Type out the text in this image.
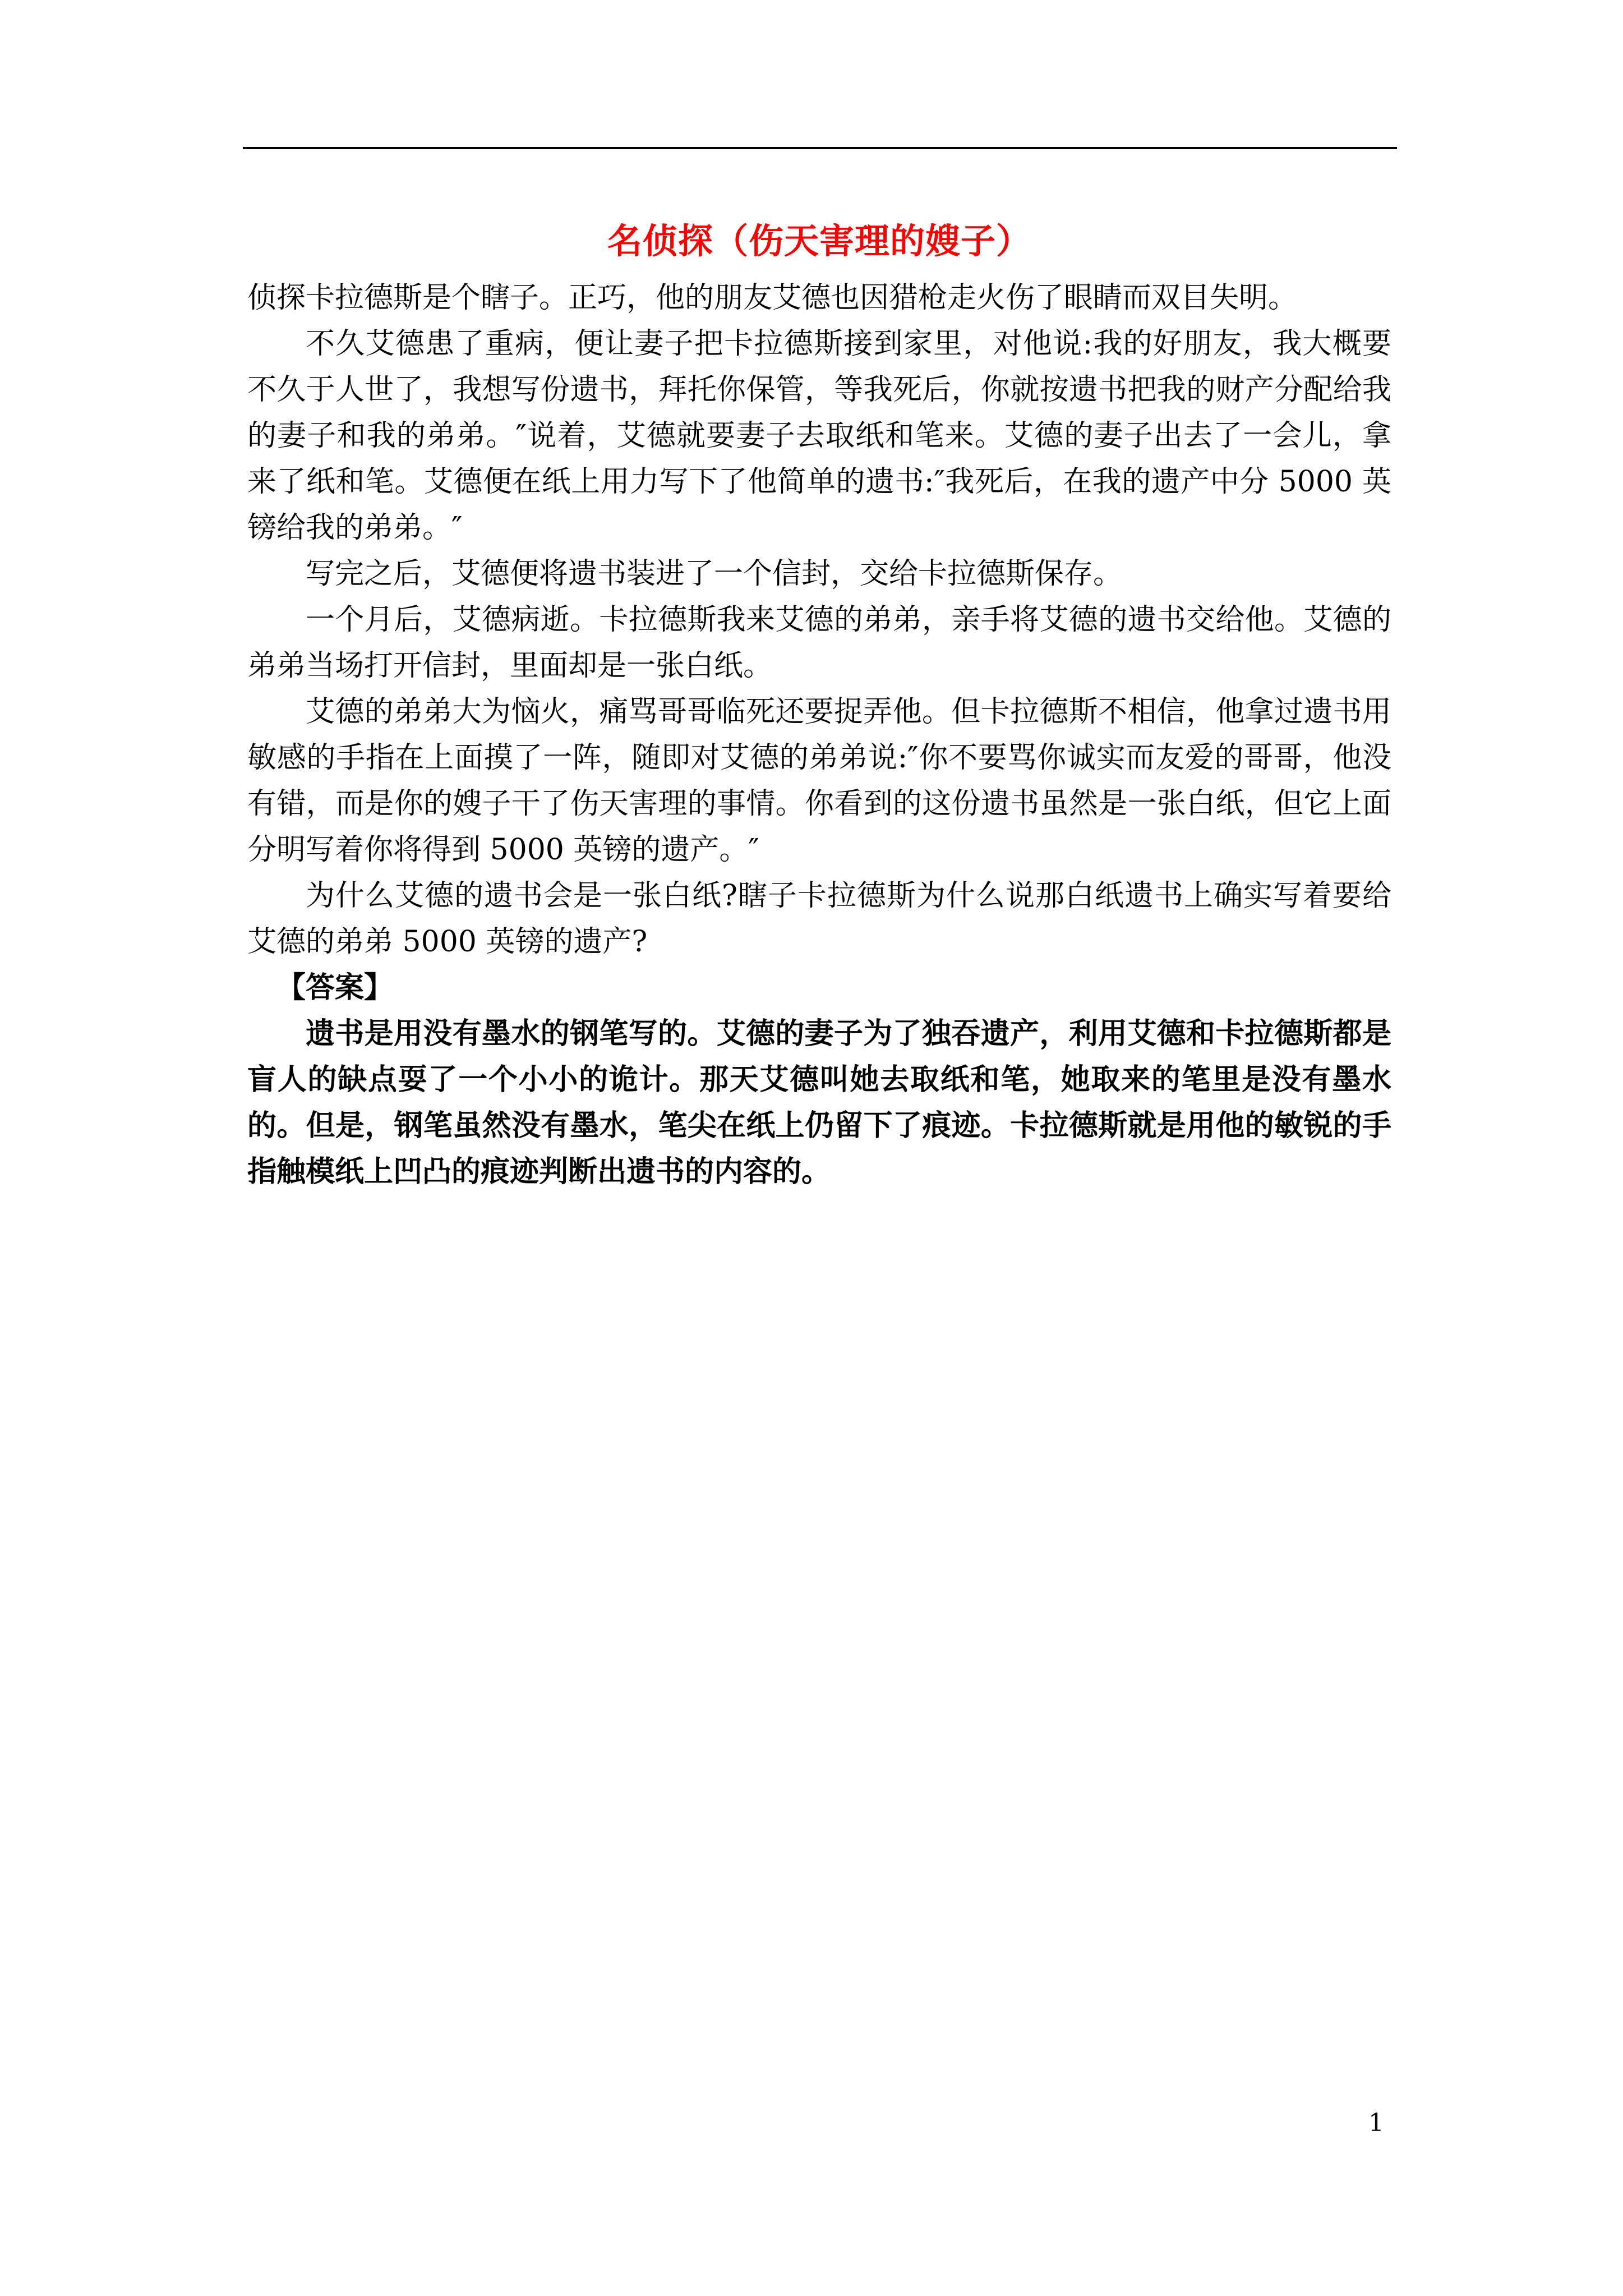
名侦探（伤天害理的嫂子）

侦探卡拉德斯是个瞎子。正巧，他的朋友艾德也因猎枪走火伤了眼睛而双目失明。

不久艾德患了重病，便让妻子把卡拉德斯接到家里，对他说:我的好朋友，我大概要不久于人世了，我想写份遗书，拜托你保管，等我死后，你就按遗书把我的财产分配给我的妻子和我的弟弟。″说着，艾德就要妻子去取纸和笔来。艾德的妻子出去了一会儿，拿来了纸和笔。艾德便在纸上用力写下了他简单的遗书:″我死后，在我的遗产中分 5000 英镑给我的弟弟。″

写完之后，艾德便将遗书装进了一个信封，交给卡拉德斯保存。

一个月后，艾德病逝。卡拉德斯我来艾德的弟弟，亲手将艾德的遗书交给他。艾德的弟弟当场打开信封，里面却是一张白纸。

艾德的弟弟大为恼火，痛骂哥哥临死还要捉弄他。但卡拉德斯不相信，他拿过遗书用敏感的手指在上面摸了一阵，随即对艾德的弟弟说:″你不要骂你诚实而友爱的哥哥，他没有错，而是你的嫂子干了伤天害理的事情。你看到的这份遗书虽然是一张白纸，但它上面分明写着你将得到 5000 英镑的遗产。″

为什么艾德的遗书会是一张白纸?瞎子卡拉德斯为什么说那白纸遗书上确实写着要给艾德的弟弟 5000 英镑的遗产?

【答案】

遗书是用没有墨水的钢笔写的。艾德的妻子为了独吞遗产，利用艾德和卡拉德斯都是盲人的缺点耍了一个小小的诡计。那天艾德叫她去取纸和笔，她取来的笔里是没有墨水的。但是，钢笔虽然没有墨水，笔尖在纸上仍留下了痕迹。卡拉德斯就是用他的敏锐的手指触模纸上凹凸的痕迹判断出遗书的内容的。

1
